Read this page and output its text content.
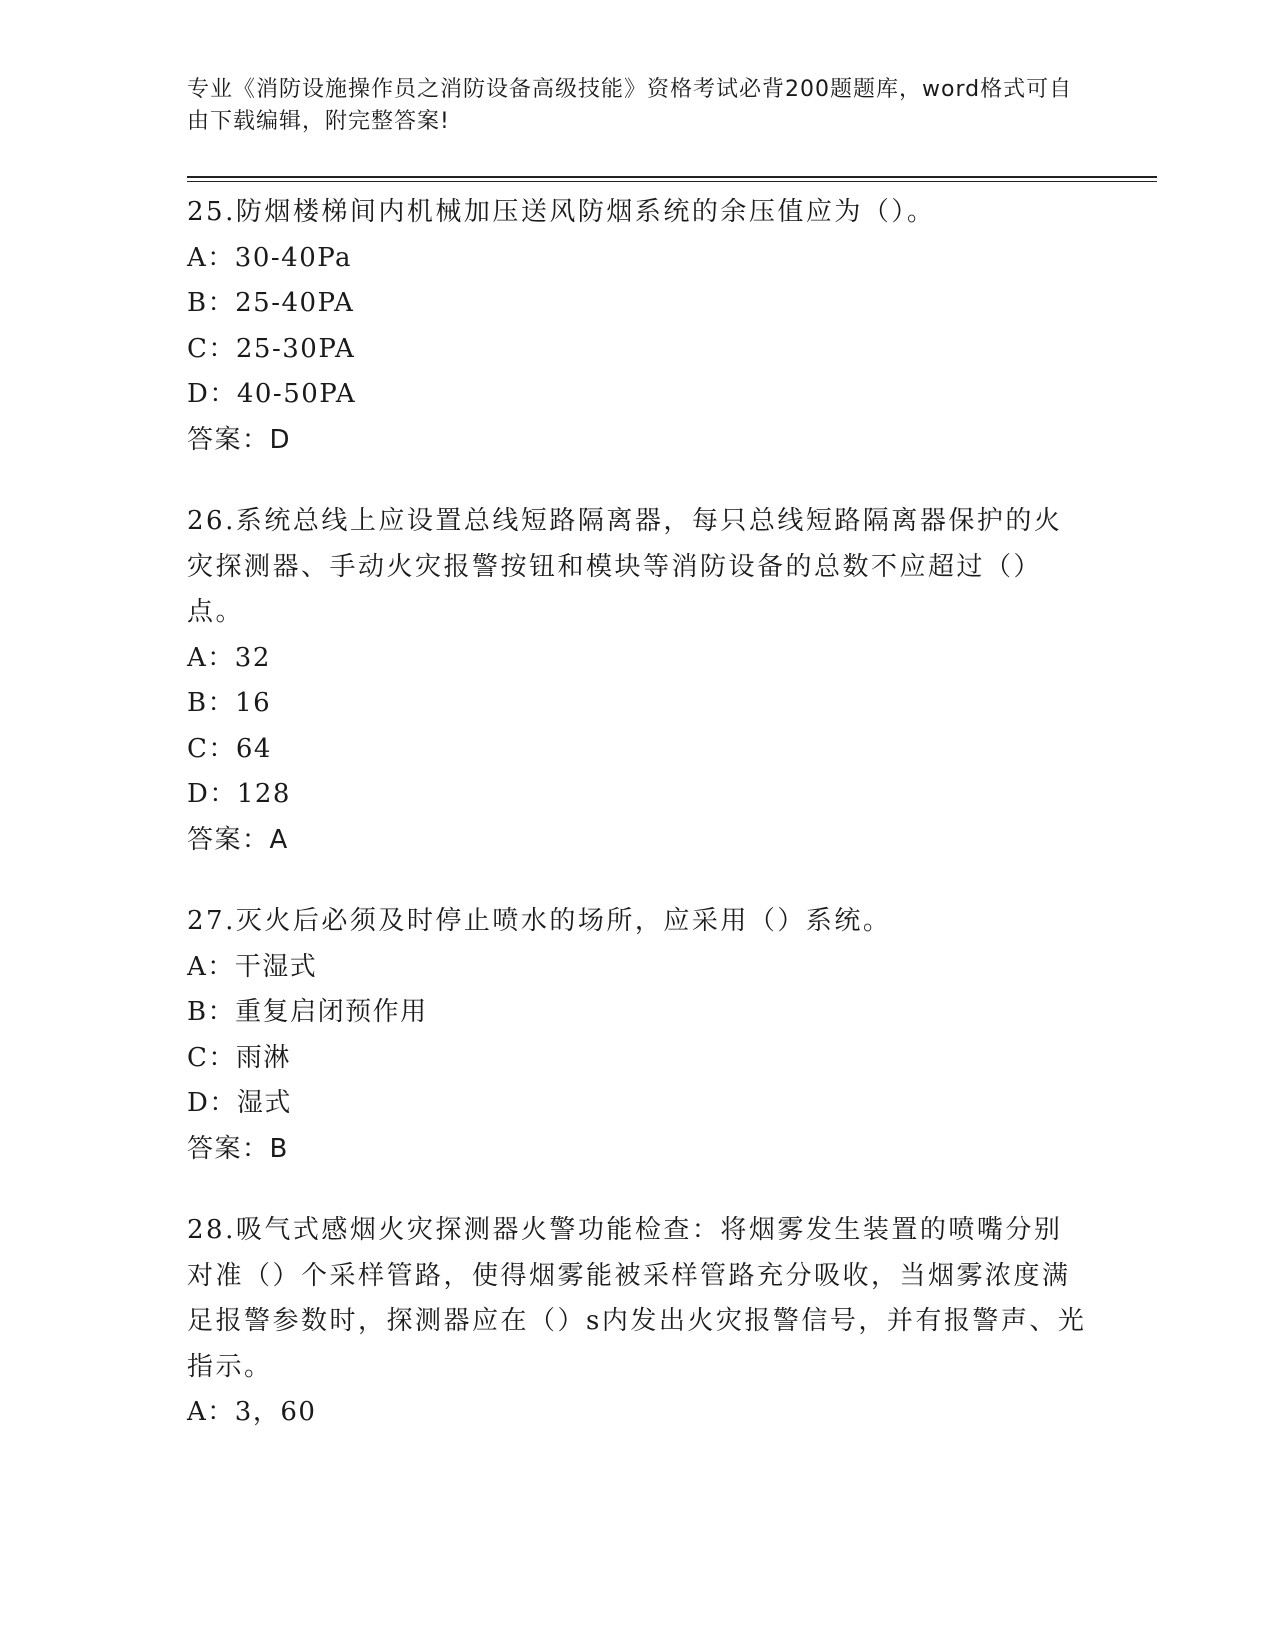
专业《消防设施操作员之消防设备高级技能》资格考试必背200题题库，word格式可自由下载编辑，附完整答案!

25.防烟楼梯间内机械加压送风防烟系统的余压值应为（）。

A：30-40Pa

B：25-40PA

C：25-30PA

D：40-50PA

答案：D

26.系统总线上应设置总线短路隔离器，每只总线短路隔离器保护的火灾探测器、手动火灾报警按钮和模块等消防设备的总数不应超过（）点。

A：32

B：16

C：64

D：128

答案：A

27.灭火后必须及时停止喷水的场所，应采用（）系统。

A：干湿式

B：重复启闭预作用

C：雨淋

D：湿式

答案：B

28.吸气式感烟火灾探测器火警功能检查：将烟雾发生装置的喷嘴分别对准（）个采样管路，使得烟雾能被采样管路充分吸收，当烟雾浓度满足报警参数时，探测器应在（）s内发出火灾报警信号，并有报警声、光指示。

A：3，60
